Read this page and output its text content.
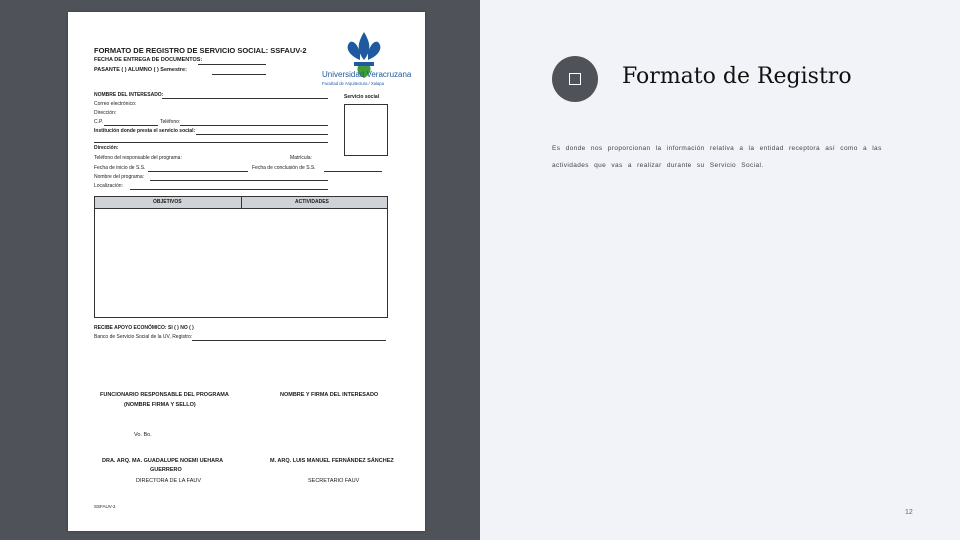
FORMATO DE REGISTRO DE SERVICIO SOCIAL: SSFAUV-2
FECHA DE ENTREGA DE DOCUMENTOS:
PASANTE ( ) ALUMNO ( ) Semestre:	Universidad Veracruzana
Facultad de Arquitectura / Xalapa
Servicio social
NOMBRE DEL INTERESADO:
Correo electrónico:
Dirección:
C.P.	Teléfono:
Institución donde presta el servicio social:
Dirección:
Teléfono del responsable del programa:	Matrícula:
Fecha de inicio de S.S.	Fecha de conclusión de S.S.
Nombre del programa:
Localización:
OBJETIVOS	ACTIVIDADES
RECIBE APOYO ECONÓMICO: SI ( ) NO ( )
Banco de Servicio Social de la UV, Registro:
FUNCIONARIO RESPONSABLE DEL PROGRAMA
(NOMBRE FIRMA Y SELLO)
NOMBRE Y FIRMA DEL INTERESADO
Vo. Bo.
DRA. ARQ. MA. GUADALUPE NOEMI UEHARA
GUERRERO
DIRECTORA DE LA FAUV
M. ARQ. LUIS MANUEL FERNÁNDEZ SÁNCHEZ
SECRETARIO FAUV
SSFAUV-2
Formato de Registro
Es donde nos proporcionan la información relativa a la entidad receptora así como a las actividades que vas a realizar durante su Servicio Social.
12
